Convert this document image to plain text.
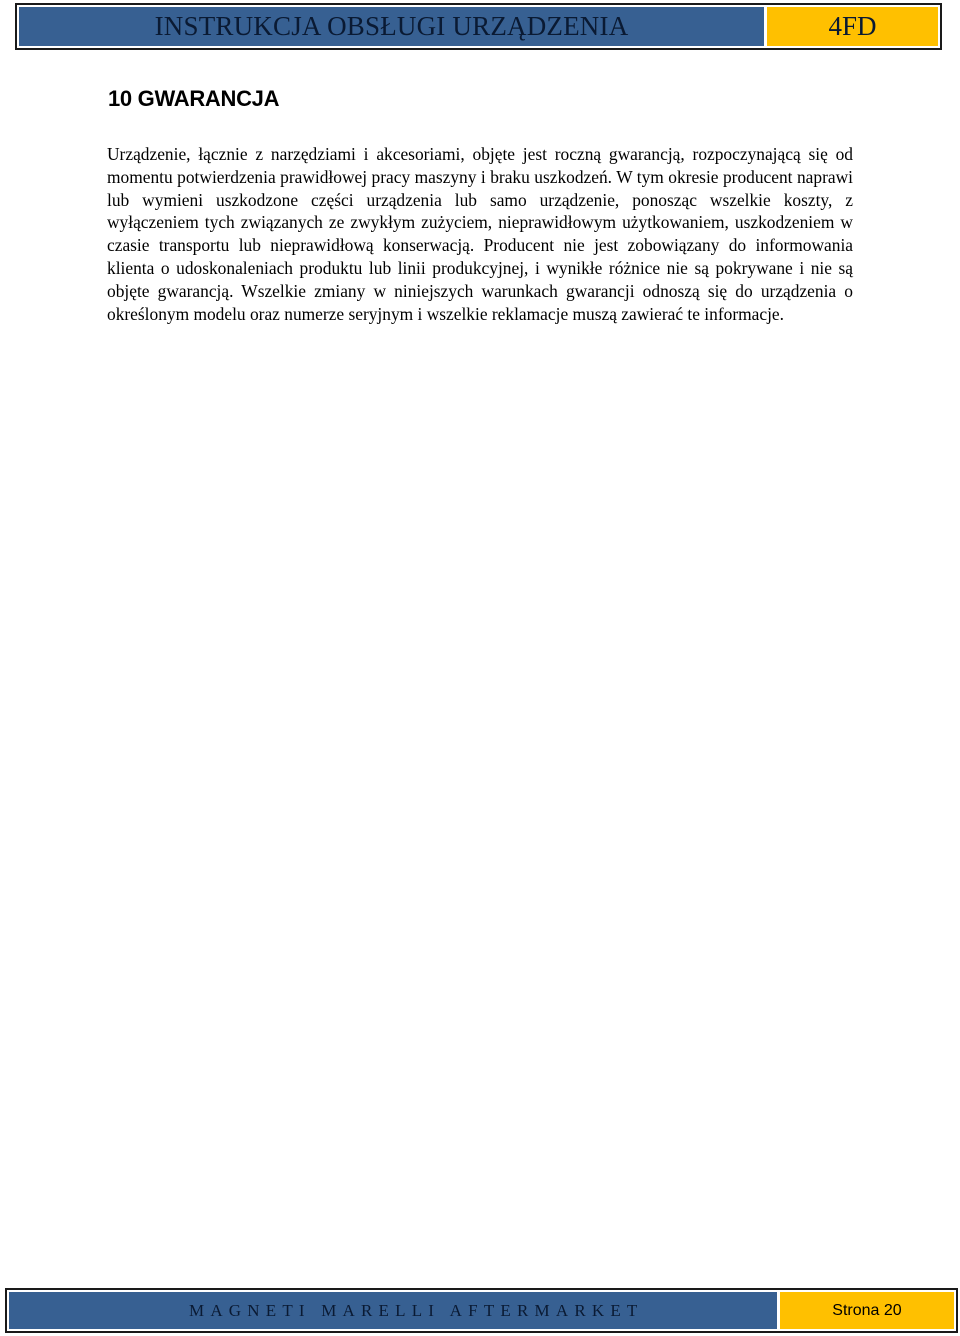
INSTRUKCJA OBSŁUGI URZĄDZENIA	4FD
10 GWARANCJA

Urządzenie, łącznie z narzędziami i akcesoriami, objęte jest roczną gwarancją, rozpoczynającą się od momentu potwierdzenia prawidłowej pracy maszyny i braku uszkodzeń. W tym okresie producent naprawi lub wymieni uszkodzone części urządzenia lub samo urządzenie, ponosząc wszelkie koszty, z wyłączeniem tych związanych ze zwykłym zużyciem, nieprawidłowym użytkowaniem, uszkodzeniem w czasie transportu lub nieprawidłową konserwacją. Producent nie jest zobowiązany do informowania klienta o udoskonaleniach produktu lub linii produkcyjnej, i wynikłe różnice nie są pokrywane i nie są objęte gwarancją. Wszelkie zmiany w niniejszych warunkach gwarancji odnoszą się do urządzenia o określonym modelu oraz numerze seryjnym i wszelkie reklamacje muszą zawierać te informacje.

MAGNETI MARELLI AFTERMARKET	Strona 20
